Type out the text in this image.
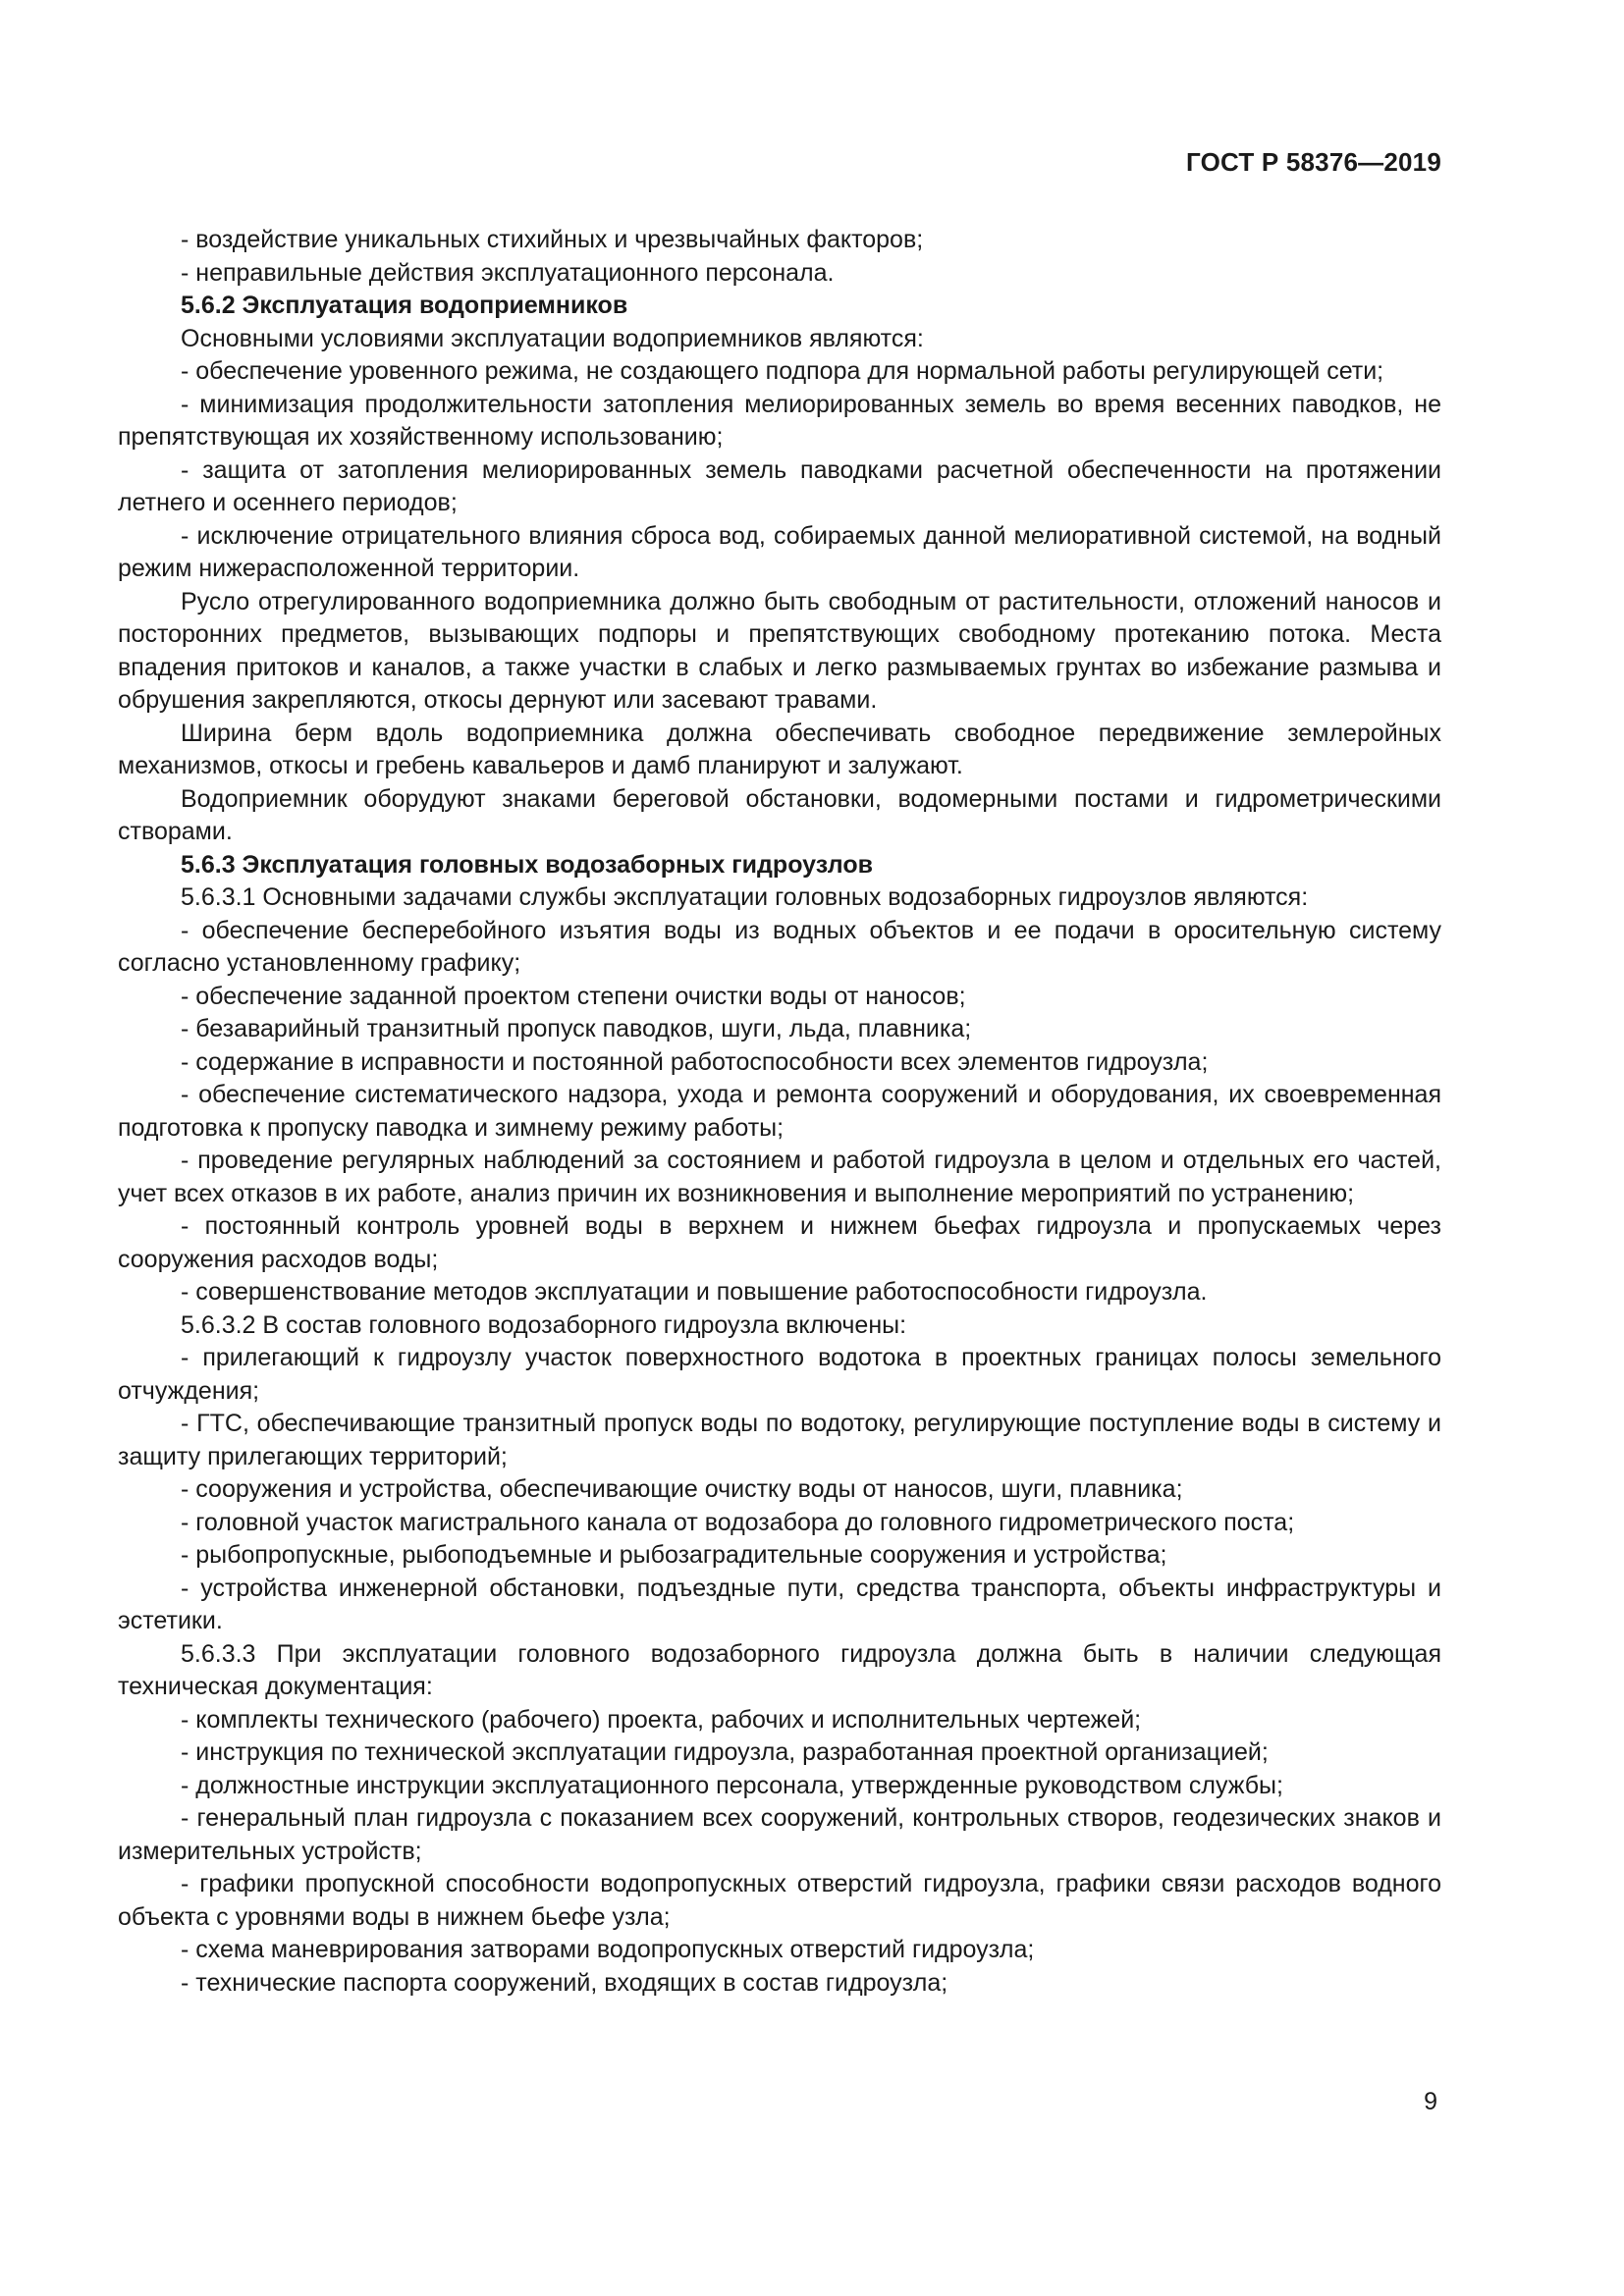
ГОСТ Р 58376—2019

- воздействие уникальных стихийных и чрезвычайных факторов;

- неправильные действия эксплуатационного персонала.

5.6.2 Эксплуатация водоприемников

Основными условиями эксплуатации водоприемников являются:

- обеспечение уровенного режима, не создающего подпора для нормальной работы регулирующей сети;

- минимизация продолжительности затопления мелиорированных земель во время весенних паводков, не препятствующая их хозяйственному использованию;

- защита от затопления мелиорированных земель паводками расчетной обеспеченности на протяжении летнего и осеннего периодов;

- исключение отрицательного влияния сброса вод, собираемых данной мелиоративной системой, на водный режим нижерасположенной территории.

Русло отрегулированного водоприемника должно быть свободным от растительности, отложений наносов и посторонних предметов, вызывающих подпоры и препятствующих свободному протеканию потока. Места впадения притоков и каналов, а также участки в слабых и легко размываемых грунтах во избежание размыва и обрушения закрепляются, откосы дернуют или засевают травами.

Ширина берм вдоль водоприемника должна обеспечивать свободное передвижение землеройных механизмов, откосы и гребень кавальеров и дамб планируют и залужают.

Водоприемник оборудуют знаками береговой обстановки, водомерными постами и гидрометрическими створами.

5.6.3 Эксплуатация головных водозаборных гидроузлов

5.6.3.1 Основными задачами службы эксплуатации головных водозаборных гидроузлов являются:

- обеспечение бесперебойного изъятия воды из водных объектов и ее подачи в оросительную систему согласно установленному графику;

- обеспечение заданной проектом степени очистки воды от наносов;

- безаварийный транзитный пропуск паводков, шуги, льда, плавника;

- содержание в исправности и постоянной работоспособности всех элементов гидроузла;

- обеспечение систематического надзора, ухода и ремонта сооружений и оборудования, их своевременная подготовка к пропуску паводка и зимнему режиму работы;

- проведение регулярных наблюдений за состоянием и работой гидроузла в целом и отдельных его частей, учет всех отказов в их работе, анализ причин их возникновения и выполнение мероприятий по устранению;

- постоянный контроль уровней воды в верхнем и нижнем бьефах гидроузла и пропускаемых через сооружения расходов воды;

- совершенствование методов эксплуатации и повышение работоспособности гидроузла.

5.6.3.2 В состав головного водозаборного гидроузла включены:

- прилегающий к гидроузлу участок поверхностного водотока в проектных границах полосы земельного отчуждения;

- ГТС, обеспечивающие транзитный пропуск воды по водотоку, регулирующие поступление воды в систему и защиту прилегающих территорий;

- сооружения и устройства, обеспечивающие очистку воды от наносов, шуги, плавника;

- головной участок магистрального канала от водозабора до головного гидрометрического поста;

- рыбопропускные, рыбоподъемные и рыбозаградительные сооружения и устройства;

- устройства инженерной обстановки, подъездные пути, средства транспорта, объекты инфраструктуры и эстетики.

5.6.3.3 При эксплуатации головного водозаборного гидроузла должна быть в наличии следующая техническая документация:

- комплекты технического (рабочего) проекта, рабочих и исполнительных чертежей;

- инструкция по технической эксплуатации гидроузла, разработанная проектной организацией;

- должностные инструкции эксплуатационного персонала, утвержденные руководством службы;

- генеральный план гидроузла с показанием всех сооружений, контрольных створов, геодезических знаков и измерительных устройств;

- графики пропускной способности водопропускных отверстий гидроузла, графики связи расходов водного объекта с уровнями воды в нижнем бьефе узла;

- схема маневрирования затворами водопропускных отверстий гидроузла;

- технические паспорта сооружений, входящих в состав гидроузла;

9
